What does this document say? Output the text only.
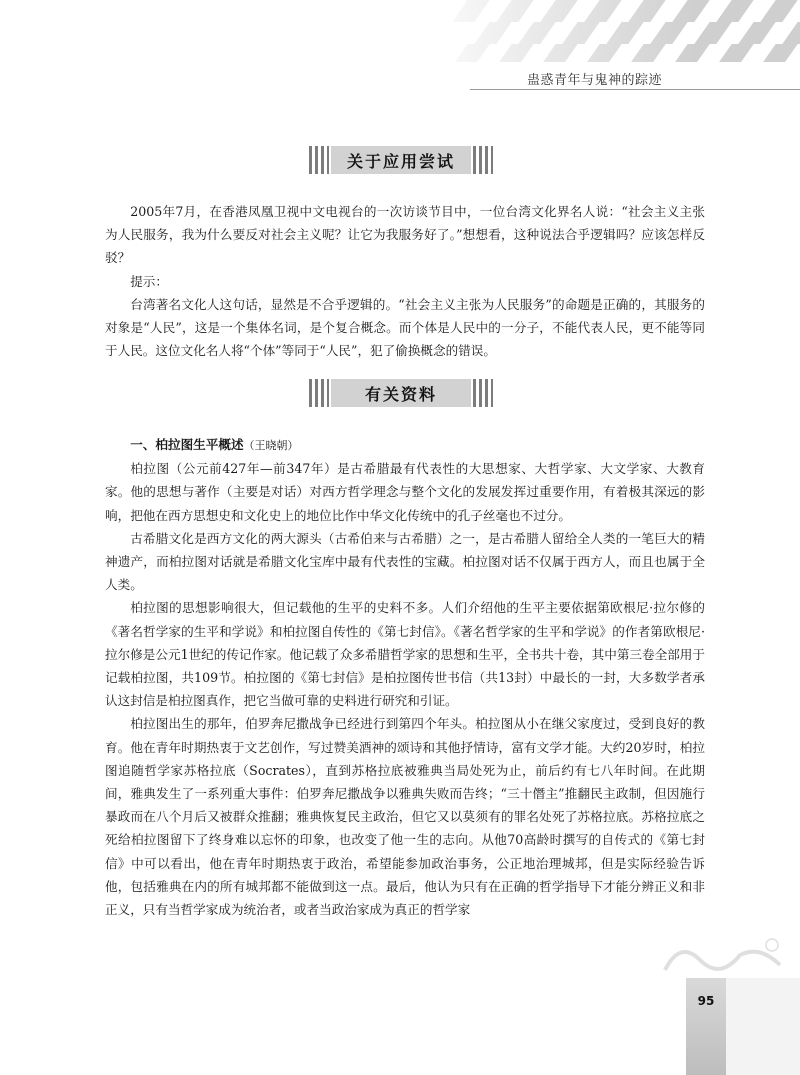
蛊惑青年与鬼神的踪迹
关于应用尝试

2005年7月，在香港凤凰卫视中文电视台的一次访谈节目中，一位台湾文化界名人说：“社会主义主张为人民服务，我为什么要反对社会主义呢？让它为我服务好了。”想想看，这种说法合乎逻辑吗？应该怎样反驳？

提示：

台湾著名文化人这句话，显然是不合乎逻辑的。“社会主义主张为人民服务”的命题是正确的，其服务的对象是“人民”，这是一个集体名词，是个复合概念。而个体是人民中的一分子，不能代表人民，更不能等同于人民。这位文化名人将“个体”等同于“人民”，犯了偷换概念的错误。

有关资料

一、柏拉图生平概述（王晓朝）

柏拉图（公元前427年—前347年）是古希腊最有代表性的大思想家、大哲学家、大文学家、大教育家。他的思想与著作（主要是对话）对西方哲学理念与整个文化的发展发挥过重要作用，有着极其深远的影响，把他在西方思想史和文化史上的地位比作中华文化传统中的孔子丝毫也不过分。

古希腊文化是西方文化的两大源头（古希伯来与古希腊）之一，是古希腊人留给全人类的一笔巨大的精神遗产，而柏拉图对话就是希腊文化宝库中最有代表性的宝藏。柏拉图对话不仅属于西方人，而且也属于全人类。

柏拉图的思想影响很大，但记载他的生平的史料不多。人们介绍他的生平主要依据第欧根尼·拉尔修的《著名哲学家的生平和学说》和柏拉图自传性的《第七封信》。《著名哲学家的生平和学说》的作者第欧根尼·拉尔修是公元1世纪的传记作家。他记载了众多希腊哲学家的思想和生平，全书共十卷，其中第三卷全部用于记载柏拉图，共109节。柏拉图的《第七封信》是柏拉图传世书信（共13封）中最长的一封，大多数学者承认这封信是柏拉图真作，把它当做可靠的史料进行研究和引证。

柏拉图出生的那年，伯罗奔尼撒战争已经进行到第四个年头。柏拉图从小在继父家度过，受到良好的教育。他在青年时期热衷于文艺创作，写过赞美酒神的颂诗和其他抒情诗，富有文学才能。大约20岁时，柏拉图追随哲学家苏格拉底（Socrates），直到苏格拉底被雅典当局处死为止，前后约有七八年时间。在此期间，雅典发生了一系列重大事件：伯罗奔尼撒战争以雅典失败而告终；“三十僭主”推翻民主政制，但因施行暴政而在八个月后又被群众推翻；雅典恢复民主政治，但它又以莫须有的罪名处死了苏格拉底。苏格拉底之死给柏拉图留下了终身难以忘怀的印象，也改变了他一生的志向。从他70高龄时撰写的自传式的《第七封信》中可以看出，他在青年时期热衷于政治，希望能参加政治事务，公正地治理城邦，但是实际经验告诉他，包括雅典在内的所有城邦都不能做到这一点。最后，他认为只有在正确的哲学指导下才能分辨正义和非正义，只有当哲学家成为统治者，或者当政治家成为真正的哲学家

95
